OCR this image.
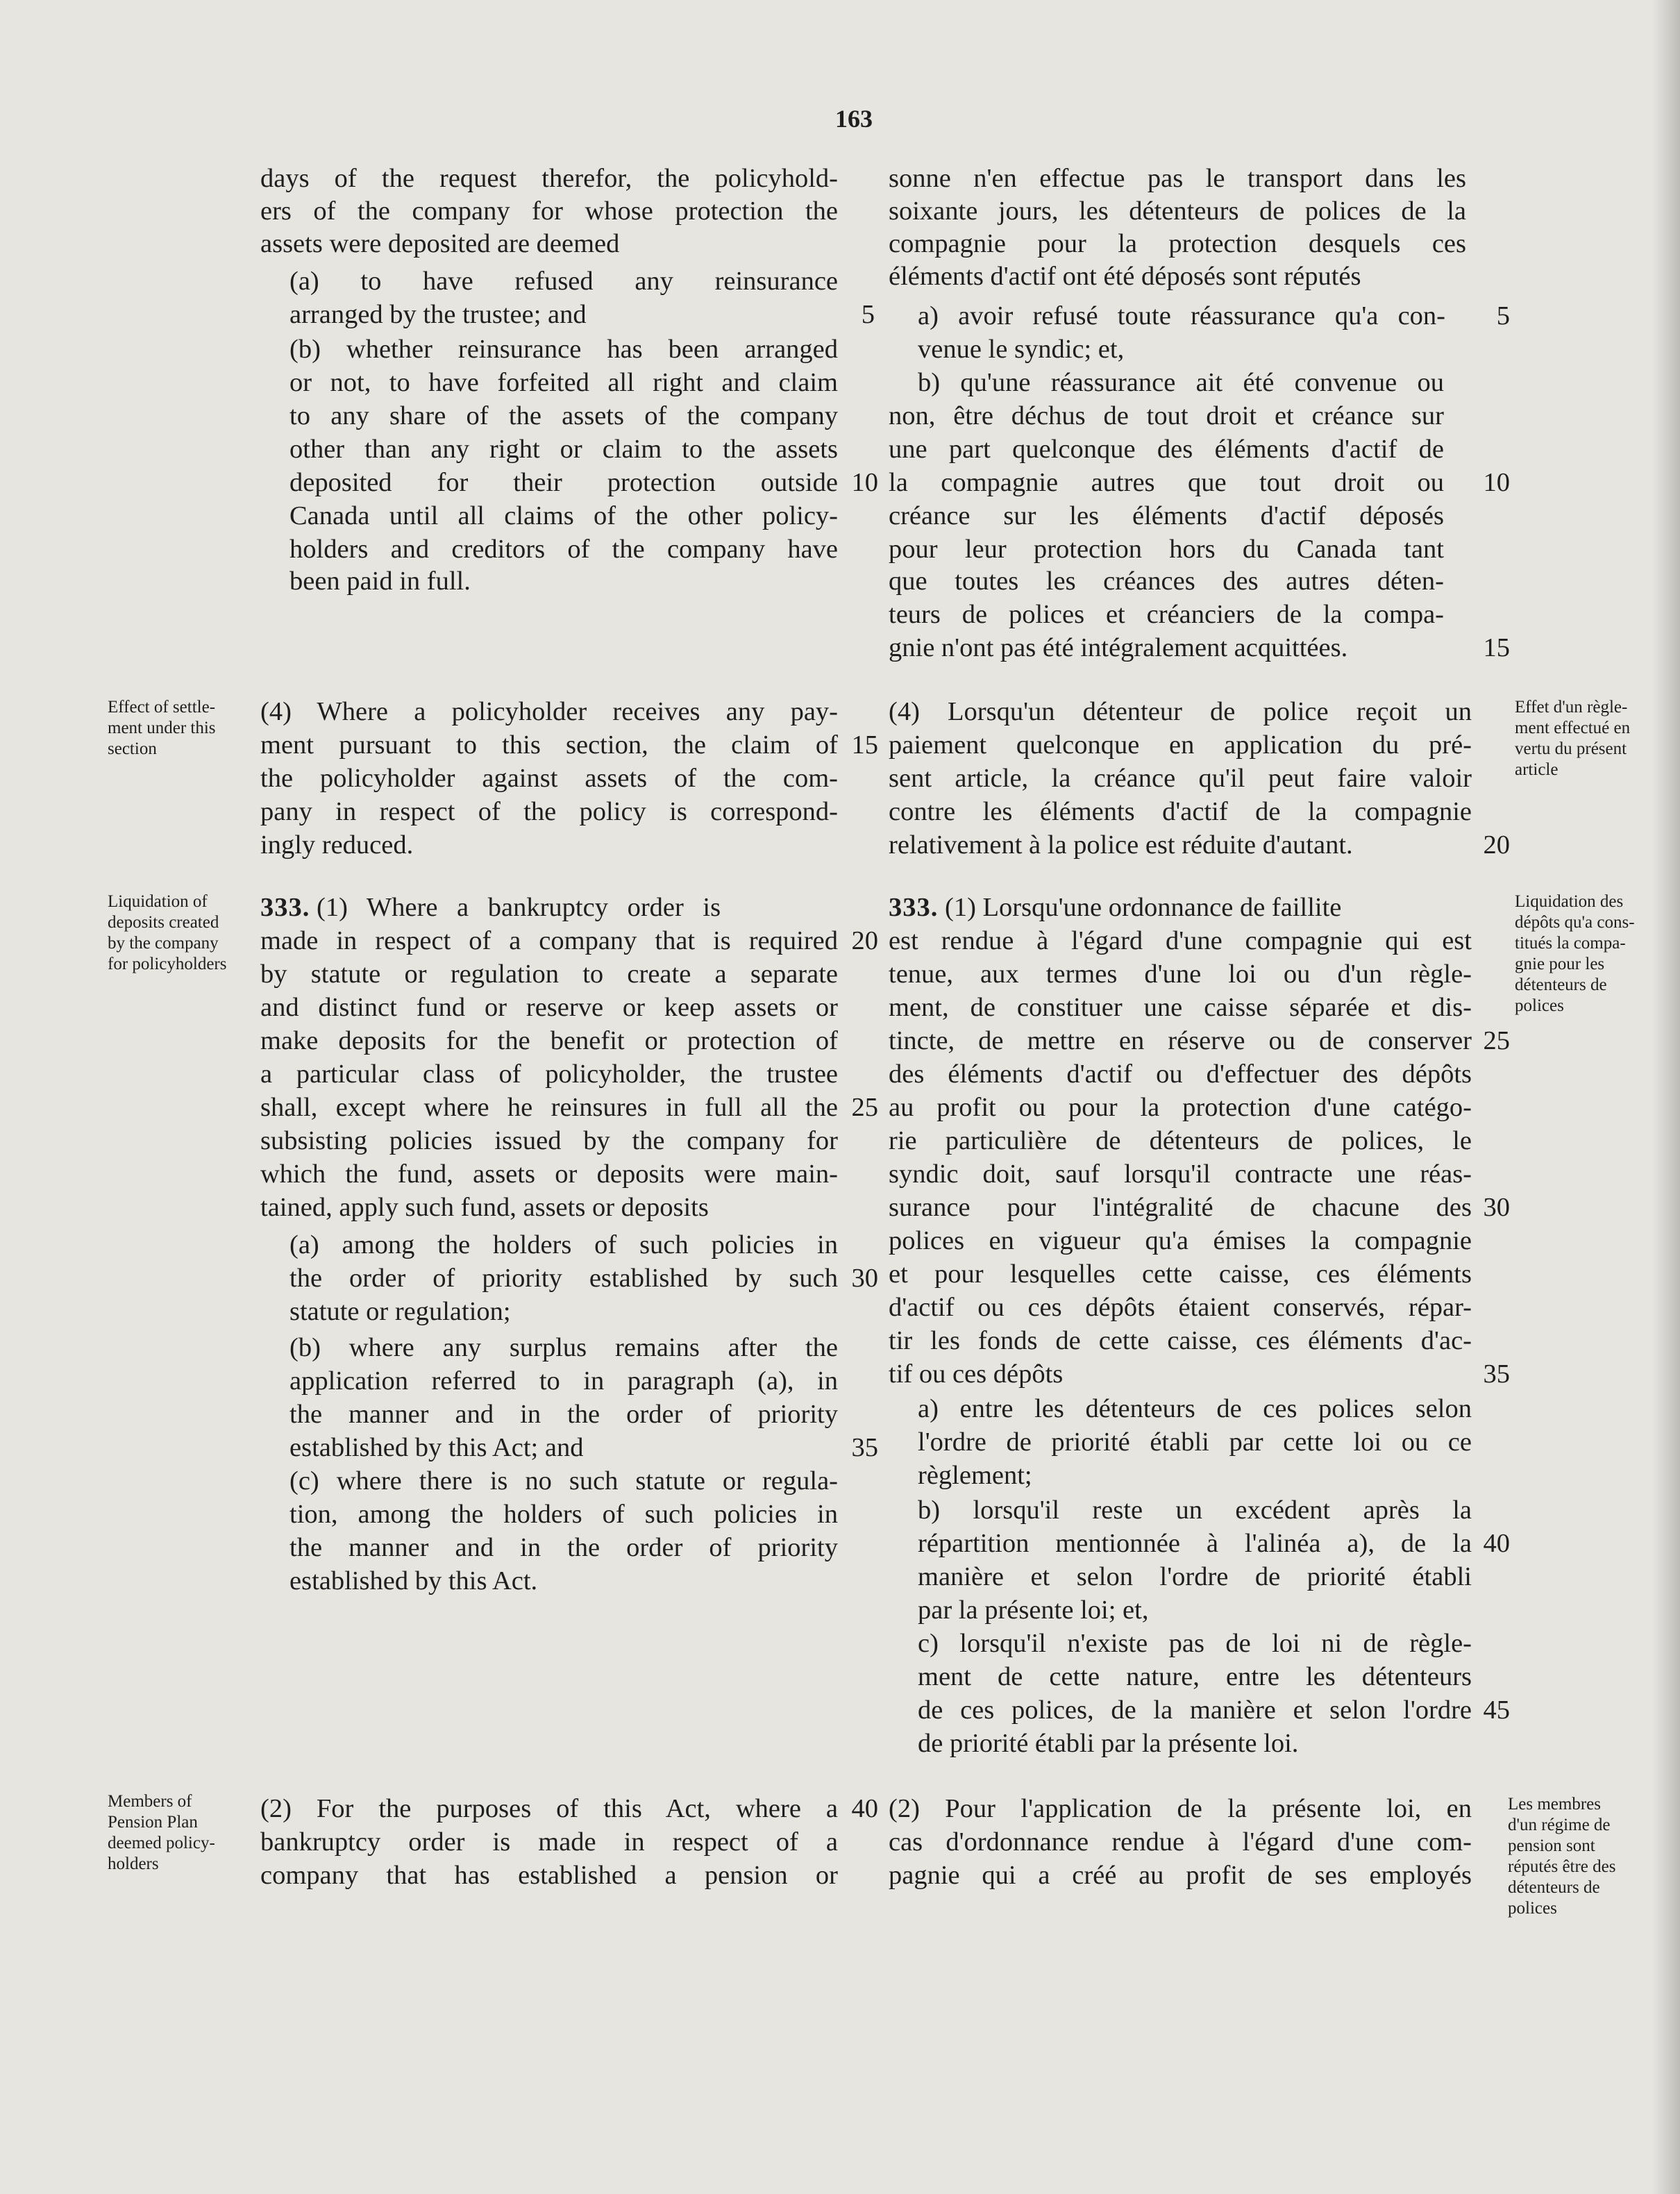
163
days of the request therefor, the policyhold-
ers of the company for whose protection the
assets were deposited are deemed
(a) to have refused any reinsurance
arranged by the trustee; and
(b) whether reinsurance has been arranged
or not, to have forfeited all right and claim
to any share of the assets of the company
other than any right or claim to the assets
deposited for their protection outside
Canada until all claims of the other policy-
holders and creditors of the company have
been paid in full.
(4) Where a policyholder receives any pay-
ment pursuant to this section, the claim of
the policyholder against assets of the com-
pany in respect of the policy is correspond-
ingly reduced.
333. (1) Where a bankruptcy order is
made in respect of a company that is required
by statute or regulation to create a separate
and distinct fund or reserve or keep assets or
make deposits for the benefit or protection of
a particular class of policyholder, the trustee
shall, except where he reinsures in full all the
subsisting policies issued by the company for
which the fund, assets or deposits were main-
tained, apply such fund, assets or deposits
(a) among the holders of such policies in
the order of priority established by such
statute or regulation;
(b) where any surplus remains after the
application referred to in paragraph (a), in
the manner and in the order of priority
established by this Act; and
(c) where there is no such statute or regula-
tion, among the holders of such policies in
the manner and in the order of priority
established by this Act.
(2) For the purposes of this Act, where a
bankruptcy order is made in respect of a
company that has established a pension or
5
10
15
20
25
30
35
40
sonne n'en effectue pas le transport dans les
soixante jours, les détenteurs de polices de la
compagnie pour la protection desquels ces
éléments d'actif ont été déposés sont réputés
a) avoir refusé toute réassurance qu'a con-
venue le syndic; et,
b) qu'une réassurance ait été convenue ou
non, être déchus de tout droit et créance sur
une part quelconque des éléments d'actif de
la compagnie autres que tout droit ou
créance sur les éléments d'actif déposés
pour leur protection hors du Canada tant
que toutes les créances des autres déten-
teurs de polices et créanciers de la compa-
gnie n'ont pas été intégralement acquittées.
(4) Lorsqu'un détenteur de police reçoit un
paiement quelconque en application du pré-
sent article, la créance qu'il peut faire valoir
contre les éléments d'actif de la compagnie
relativement à la police est réduite d'autant.
333. (1) Lorsqu'une ordonnance de faillite
est rendue à l'égard d'une compagnie qui est
tenue, aux termes d'une loi ou d'un règle-
ment, de constituer une caisse séparée et dis-
tincte, de mettre en réserve ou de conserver
des éléments d'actif ou d'effectuer des dépôts
au profit ou pour la protection d'une catégo-
rie particulière de détenteurs de polices, le
syndic doit, sauf lorsqu'il contracte une réas-
surance pour l'intégralité de chacune des
polices en vigueur qu'a émises la compagnie
et pour lesquelles cette caisse, ces éléments
d'actif ou ces dépôts étaient conservés, répar-
tir les fonds de cette caisse, ces éléments d'ac-
tif ou ces dépôts
a) entre les détenteurs de ces polices selon
l'ordre de priorité établi par cette loi ou ce
règlement;
b) lorsqu'il reste un excédent après la
répartition mentionnée à l'alinéa a), de la
manière et selon l'ordre de priorité établi
par la présente loi; et,
c) lorsqu'il n'existe pas de loi ni de règle-
ment de cette nature, entre les détenteurs
de ces polices, de la manière et selon l'ordre
de priorité établi par la présente loi.
(2) Pour l'application de la présente loi, en
cas d'ordonnance rendue à l'égard d'une com-
pagnie qui a créé au profit de ses employés
5
10
15
20
25
30
35
40
45
Effect of settle-
ment under this
section
Liquidation of
deposits created
by the company
for policyholders
Members of
Pension Plan
deemed policy-
holders
Effet d'un règle-
ment effectué en
vertu du présent
article
Liquidation des
dépôts qu'a cons-
titués la compa-
gnie pour les
détenteurs de
polices
Les membres
d'un régime de
pension sont
réputés être des
détenteurs de
polices
